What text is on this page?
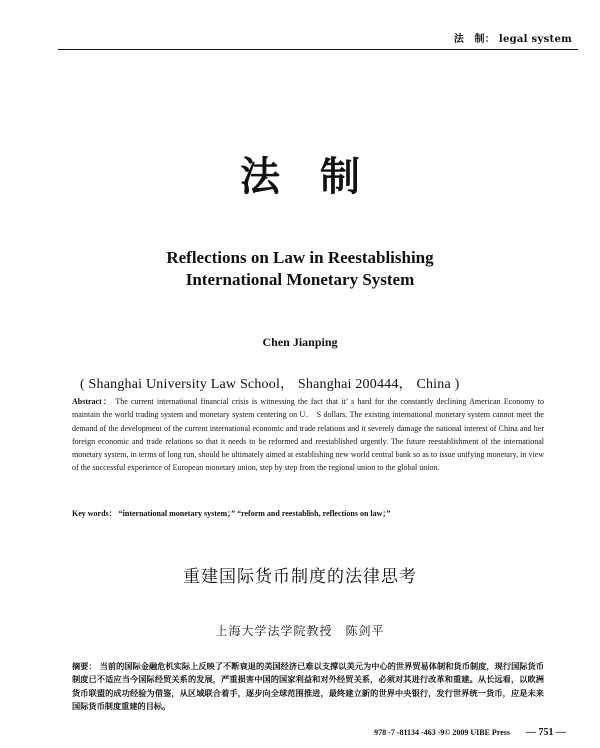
法　制： legal system
法制
Reflections on Law in Reestablishing
International Monetary System
Chen Jianping
( Shanghai University Law School， Shanghai 200444， China )
Abstract： The current international financial crisis is witnessing the fact that it’ s hard for the constantly declining American Economy to maintain the world trading system and monetary system centering on U． S dollars. The existing international monetary system cannot meet the demand of the development of the current international economic and trade relations and it severely damage the national interest of China and her foreign economic and trade relations so that it needs to be reformed and reestablished urgently. The future reestablishment of the international monetary system, in terms of long run, should be ultimately aimed at establishing new world central bank so as to issue unifying monetary, in view of the successful experience of European monetary union, step by step from the regional union to the global union.
Key words： “international monetary system；” “reform and reestablish, reflections on law；”
重建国际货币制度的法律思考
上海大学法学院教授　陈剑平
摘要： 当前的国际金融危机实际上反映了不断衰退的美国经济已难以支撑以美元为中心的世界贸易体制和货币制度，现行国际货币制度已不适应当今国际经贸关系的发展，严重损害中国的国家利益和对外经贸关系，必须对其进行改革和重建。从长远看，以欧洲货币联盟的成功经验为借鉴，从区域联合着手，逐步向全球范围推进，最终建立新的世界中央银行，发行世界统一货币，应是未来国际货币制度重建的目标。
978 -7 -81134 -463 -9© 2009 UIBE Press — 751 —
